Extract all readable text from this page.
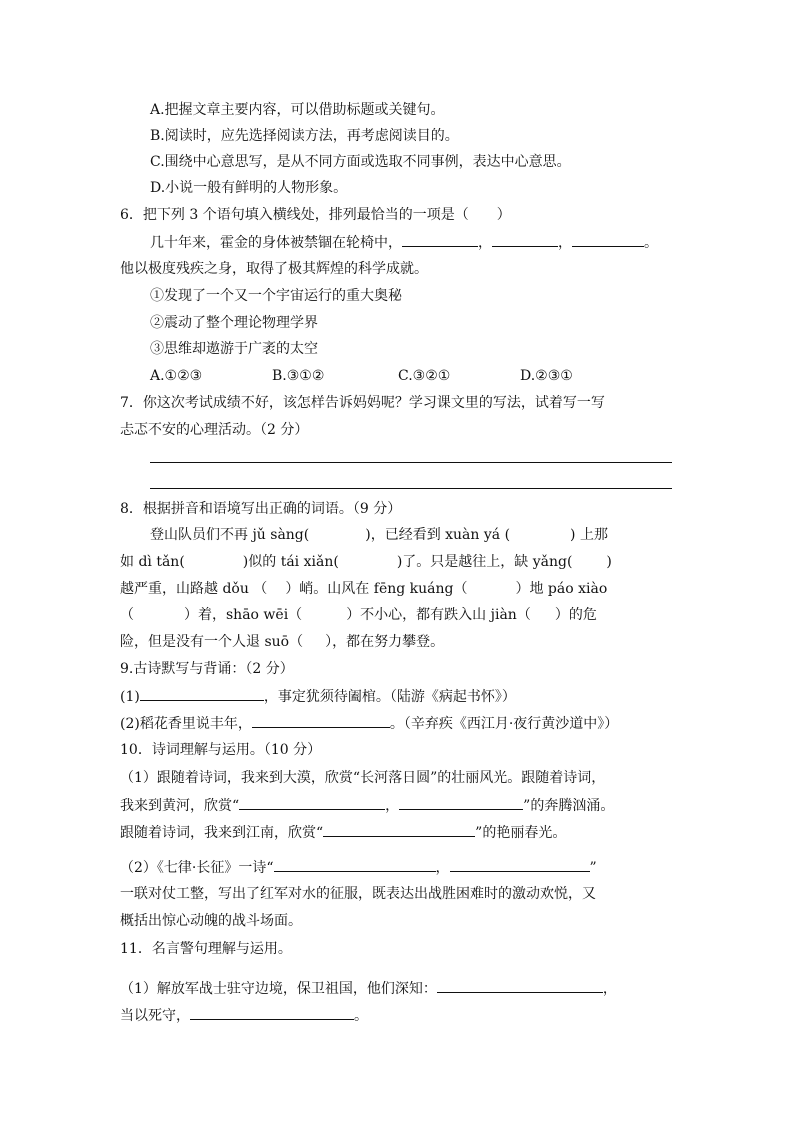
A.把握文章主要内容，可以借助标题或关键句。
B.阅读时，应先选择阅读方法，再考虑阅读目的。
C.围绕中心意思写，是从不同方面或选取不同事例，表达中心意思。
D.小说一般有鲜明的人物形象。
6．把下列 3 个语句填入横线处，排列最恰当的一项是（　　）
几十年来，霍金的身体被禁锢在轮椅中，	，	，	。
他以极度残疾之身，取得了极其辉煌的科学成就。
①发现了一个又一个宇宙运行的重大奥秘
②震动了整个理论物理学界
③思维却遨游于广袤的太空
A.①②③	B.③①②	C.③②①	D.②③①
7．你这次考试成绩不好，该怎样告诉妈妈呢？学习课文里的写法，试着写一写
忐忑不安的心理活动。（2 分）
8．根据拼音和语境写出正确的词语。（9 分）
登山队员们不再 jǔ sàng(	)，已经看到 xuàn yá (	) 上那
如 dì tǎn(	)似的 tái xiǎn(	)了。只是越往上，缺 yǎng( )
越严重，山路越 dǒu （ ）峭。山风在 fēng kuáng（	）地 páo xiào
（	）着，shāo wēi（	）不小心，都有跌入山 jiàn（ ）的危
险，但是没有一个人退 suō（ ），都在努力攀登。
9.古诗默写与背诵：（2 分）
(1)	，事定犹须待阖棺。（陆游《病起书怀》）
(2)稻花香里说丰年，	。（辛弃疾《西江月·夜行黄沙道中》）
10．诗词理解与运用。（10 分）
（1）跟随着诗词，我来到大漠，欣赏“长河落日圆”的壮丽风光。跟随着诗词，
我来到黄河，欣赏“	，	”的奔腾汹涌。
跟随着诗词，我来到江南，欣赏“	”的艳丽春光。
（2）《七律·长征》一诗“	，	”
一联对仗工整，写出了红军对水的征服，既表达出战胜困难时的激动欢悦，又
概括出惊心动魄的战斗场面。
11．名言警句理解与运用。
（1）解放军战士驻守边境，保卫祖国，他们深知：	，
当以死守，	。
